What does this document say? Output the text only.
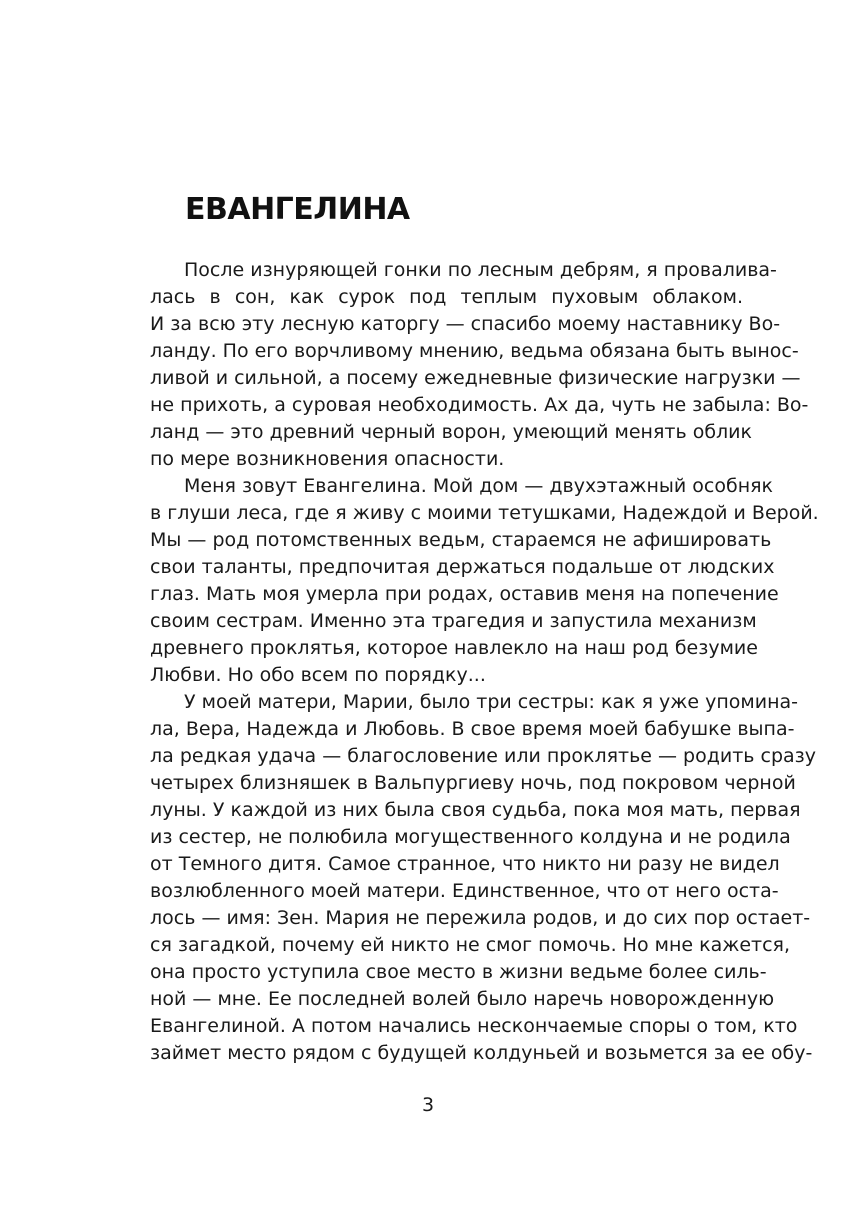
ЕВАНГЕЛИНА
После изнуряющей гонки по лесным дебрям, я проваливa-
лась в сон, как сурок под теплым пуховым облаком.
И за всю эту лесную каторгу — спасибо моему наставнику Во-
ланду. По его ворчливому мнению, ведьма обязана быть вынос-
ливой и сильной, а посему ежедневные физические нагрузки —
не прихоть, а суровая необходимость. Ах да, чуть не забыла: Во-
ланд — это древний черный ворон, умеющий менять облик
по мере возникновения опасности.
Меня зовут Евангелина. Мой дом — двухэтажный особняк
в глуши леса, где я живу с моими тетушками, Надеждой и Верой.
Мы — род потомственных ведьм, стараемся не афишировать
свои таланты, предпочитая держаться подальше от людских
глаз. Мать моя умерла при родах, оставив меня на попечение
своим сестрам. Именно эта трагедия и запустила механизм
древнего проклятья, которое навлекло на наш род безумие
Любви. Но обо всем по порядку...
У моей матери, Марии, было три сестры: как я уже упомина-
ла, Вера, Надежда и Любовь. В свое время моей бабушке выпа-
ла редкая удача — благословение или проклятье — родить сразу
четырех близняшек в Вальпургиеву ночь, под покровом черной
луны. У каждой из них была своя судьба, пока моя мать, первая
из сестер, не полюбила могущественного колдуна и не родила
от Темного дитя. Самое странное, что никто ни разу не видел
возлюбленного моей матери. Единственное, что от него оста-
лось — имя: Зен. Мария не пережила родов, и до сих пор остает-
ся загадкой, почему ей никто не смог помочь. Но мне кажется,
она просто уступила свое место в жизни ведьме более силь-
ной — мне. Ее последней волей было наречь новорожденную
Евангелиной. А потом начались нескончаемые споры о том, кто
займет место рядом с будущей колдуньей и возьмется за ее обу-
3
